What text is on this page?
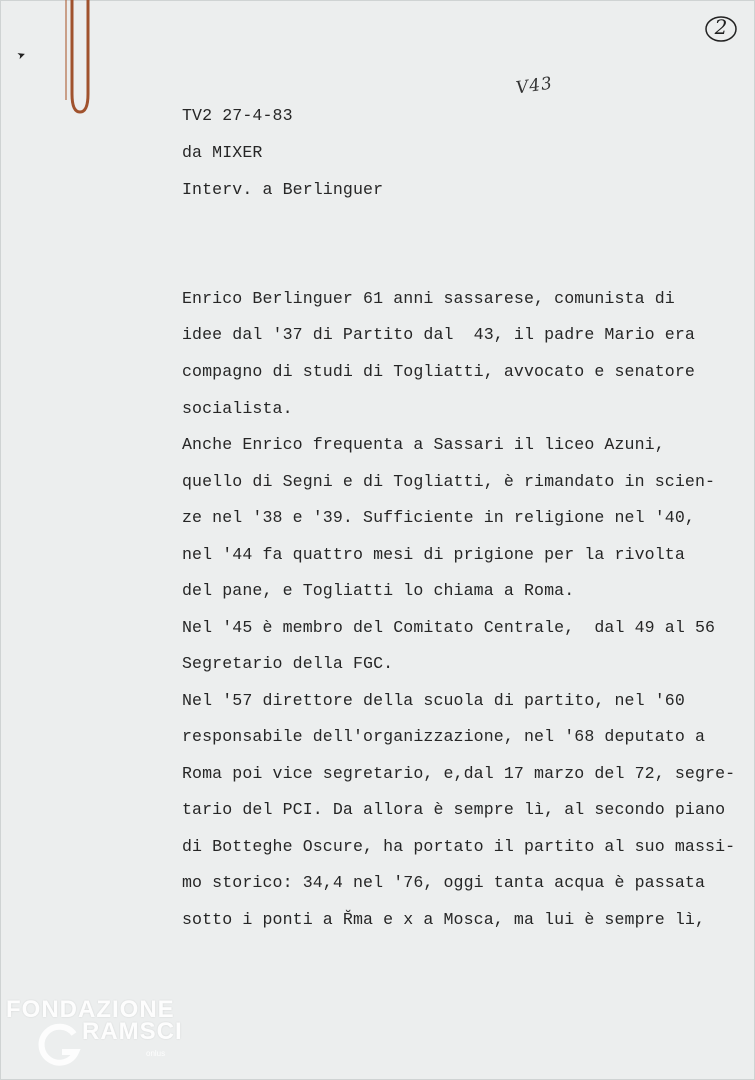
➤
2
V43

TV2 27-4-83

da MIXER

Interv. a Berlinguer

Enrico Berlinguer 61 anni sassarese, comunista di

idee dal '37 di Partito dal  43, il padre Mario era

compagno di studi di Togliatti, avvocato e senatore

socialista.

Anche Enrico frequenta a Sassari il liceo Azuni,

quello di Segni e di Togliatti, è rimandato in scien-

ze nel '38 e '39. Sufficiente in religione nel '40,

nel '44 fa quattro mesi di prigione per la rivolta

del pane, e Togliatti lo chiama a Roma.

Nel '45 è membro del Comitato Centrale,  dal 49 al 56

Segretario della FGC.

Nel '57 direttore della scuola di partito, nel '60

responsabile dell'organizzazione, nel '68 deputato a

Roma poi vice segretario, e,dal 17 marzo del 72, segre-

tario del PCI. Da allora è sempre lì, al secondo piano

di Botteghe Oscure, ha portato il partito al suo massi-

mo storico: 34,4 nel '76, oggi tanta acqua è passata

sotto i ponti a R̆ma e x a Mosca, ma lui è sempre lì,

FONDAZIONE
RAMSCI
onlus
